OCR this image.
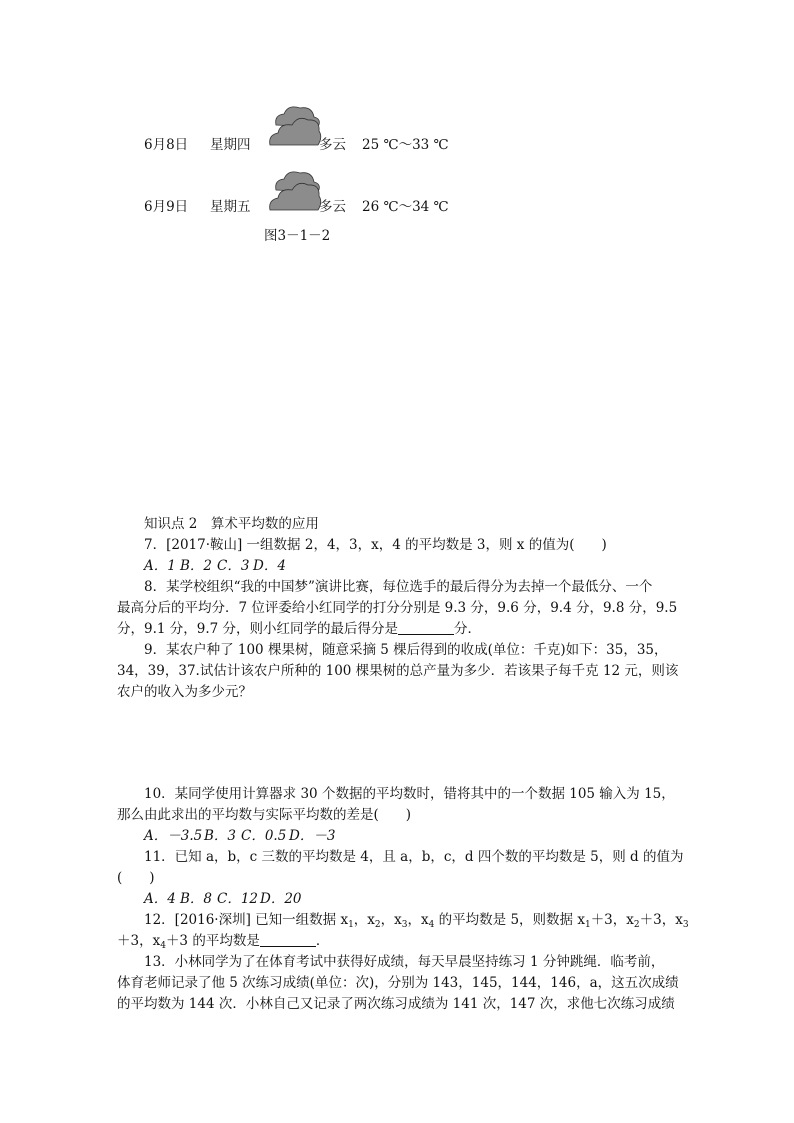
6月8日 星期四	多云 25 ℃～33 ℃
6月9日 星期五	多云 26 ℃～34 ℃
图3－1－2
知识点 2　算术平均数的应用
7．[2017·鞍山] 一组数据 2，4，3，x，4 的平均数是 3，则 x 的值为(　　)
A．1 B．2 C．3 D．4
8．某学校组织“我的中国梦”演讲比赛，每位选手的最后得分为去掉一个最低分、一个
最高分后的平均分．7 位评委给小红同学的打分分别是 9.3 分，9.6 分，9.4 分，9.8 分，9.5
分，9.1 分，9.7 分，则小红同学的最后得分是	分．
9．某农户种了 100 棵果树，随意采摘 5 棵后得到的收成(单位：千克)如下：35，35，
34，39，37.试估计该农户所种的 100 棵果树的总产量为多少．若该果子每千克 12 元，则该
农户的收入为多少元？
10．某同学使用计算器求 30 个数据的平均数时，错将其中的一个数据 105 输入为 15，
那么由此求出的平均数与实际平均数的差是(　　)
A．－3.5 B．3 C．0.5 D．－3
11．已知 a，b，c 三数的平均数是 4，且 a，b，c，d 四个数的平均数是 5，则 d 的值为
(　　)
A．4 B．8 C．12 D．20
12．[2016·深圳] 已知一组数据 $x_1$，$x_2$，$x_3$，$x_4$ 的平均数是 5，则数据 $x_1+3$，$x_2+3$，$x_3$
＋3，$x_4+3$ 的平均数是	．
13．小林同学为了在体育考试中获得好成绩，每天早晨坚持练习 1 分钟跳绳．临考前，
体育老师记录了他 5 次练习成绩(单位：次)，分别为 143，145，144，146，a，这五次成绩
的平均数为 144 次．小林自己又记录了两次练习成绩为 141 次，147 次，求他七次练习成绩
